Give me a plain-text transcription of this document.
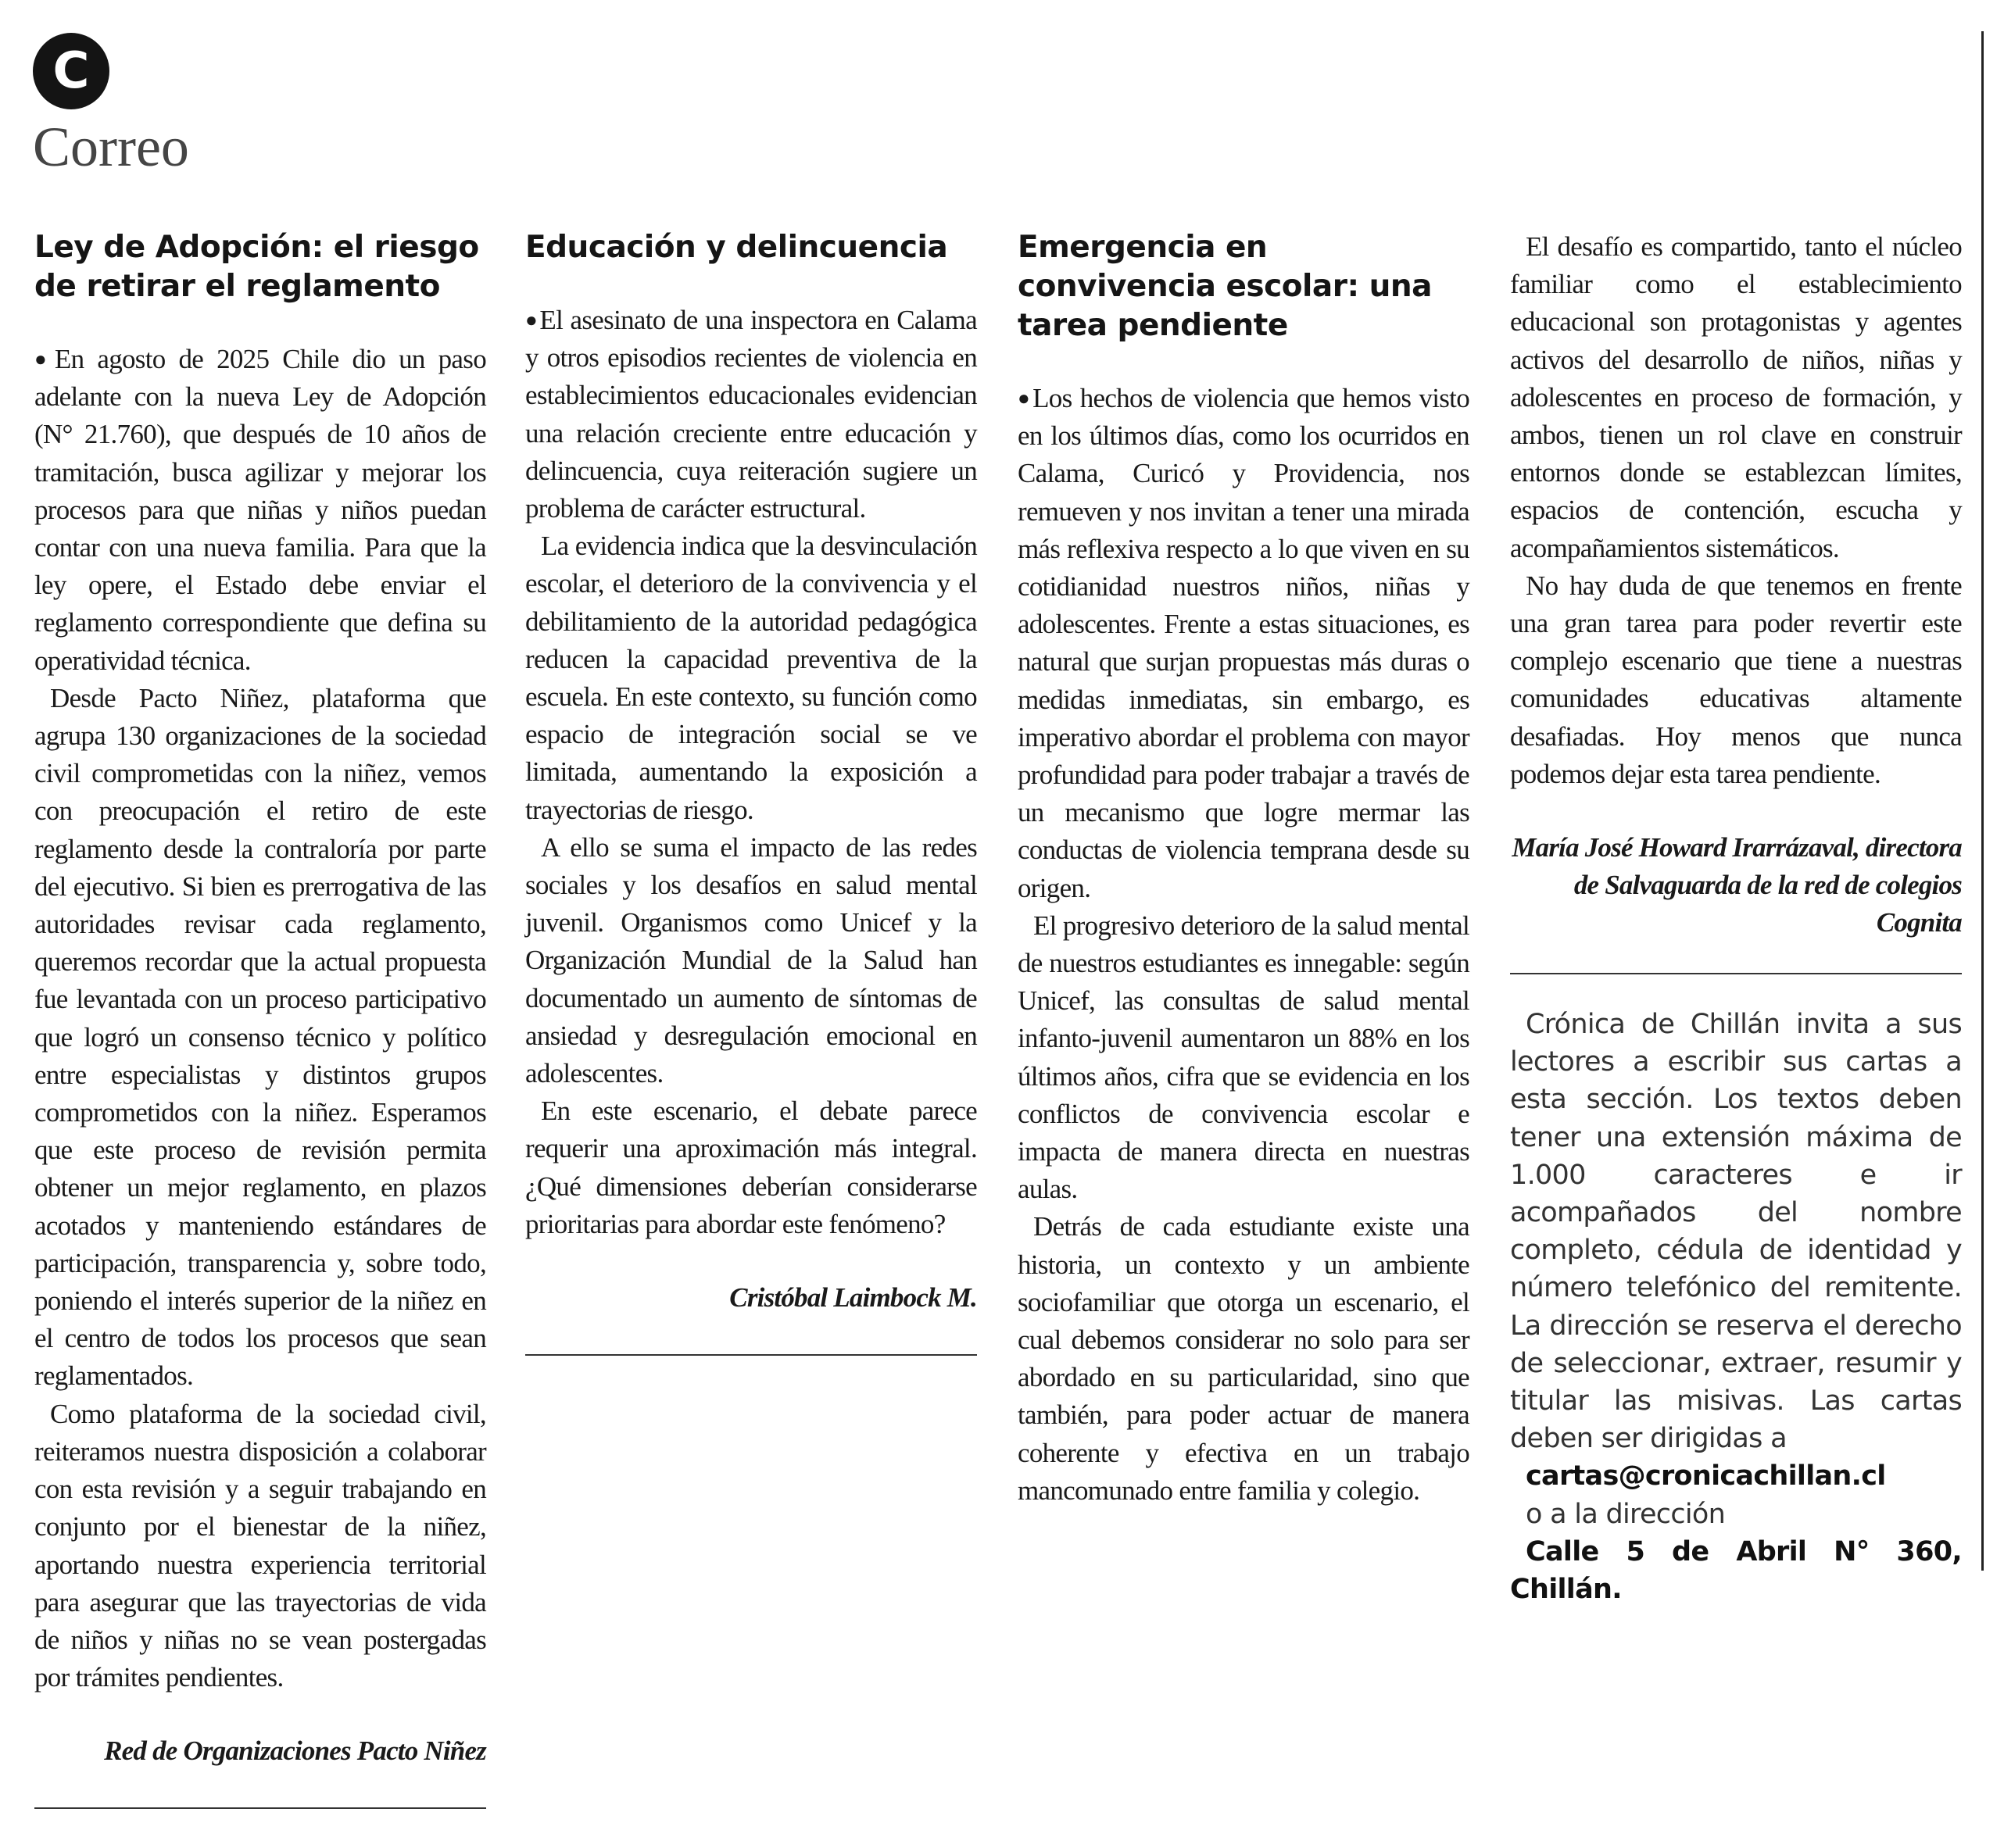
C
Correo
Ley de Adopción: el riesgo de retirar el reglamento

●En agosto de 2025 Chile dio un paso adelante con la nueva Ley de Adopción (N° 21.760), que después de 10 años de tramitación, busca agilizar y mejorar los procesos para que niñas y niños puedan contar con una nueva familia. Para que la ley opere, el Estado debe enviar el reglamento correspondiente que defina su operatividad técnica.

Desde Pacto Niñez, plataforma que agrupa 130 organizaciones de la sociedad civil comprometidas con la niñez, vemos con preocupación el retiro de este reglamento desde la contraloría por parte del ejecutivo. Si bien es prerrogativa de las autoridades revisar cada reglamento, queremos recordar que la actual propuesta fue levantada con un proceso participativo que logró un consenso técnico y político entre especialistas y distintos grupos comprometidos con la niñez. Esperamos que este proceso de revisión permita obtener un mejor reglamento, en plazos acotados y manteniendo estándares de participación, transparencia y, sobre todo, poniendo el interés superior de la niñez en el centro de todos los procesos que sean reglamentados.

Como plataforma de la sociedad civil, reiteramos nuestra disposición a colaborar con esta revisión y a seguir trabajando en conjunto por el bienestar de la niñez, aportando nuestra experiencia territorial para asegurar que las trayectorias de vida de niños y niñas no se vean postergadas por trámites pendientes.

Red de Organizaciones Pacto Niñez
Educación y delincuencia

●El asesinato de una inspectora en Calama y otros episodios recientes de violencia en establecimientos educacionales evidencian una relación creciente entre educación y delincuencia, cuya reiteración sugiere un problema de carácter estructural.

La evidencia indica que la desvinculación escolar, el deterioro de la convivencia y el debilitamiento de la autoridad pedagógica reducen la capacidad preventiva de la escuela. En este contexto, su función como espacio de integración social se ve limitada, aumentando la exposición a trayectorias de riesgo.

A ello se suma el impacto de las redes sociales y los desafíos en salud mental juvenil. Organismos como Unicef y la Organización Mundial de la Salud han documentado un aumento de síntomas de ansiedad y desregulación emocional en adolescentes.

En este escenario, el debate parece requerir una aproximación más integral. ¿Qué dimensiones deberían considerarse prioritarias para abordar este fenómeno?

Cristóbal Laimbock M.
Emergencia en convivencia escolar: una tarea pendiente

●Los hechos de violencia que hemos visto en los últimos días, como los ocurridos en Calama, Curicó y Providencia, nos remueven y nos invitan a tener una mirada más reflexiva respecto a lo que viven en su cotidianidad nuestros niños, niñas y adolescentes. Frente a estas situaciones, es natural que surjan propuestas más duras o medidas inmediatas, sin embargo, es imperativo abordar el problema con mayor profundidad para poder trabajar a través de un mecanismo que logre mermar las conductas de violencia temprana desde su origen.

El progresivo deterioro de la salud mental de nuestros estudiantes es innegable: según Unicef, las consultas de salud mental infanto-juvenil aumentaron un 88% en los últimos años, cifra que se evidencia en los conflictos de convivencia escolar e impacta de manera directa en nuestras aulas.

Detrás de cada estudiante existe una historia, un contexto y un ambiente sociofamiliar que otorga un escenario, el cual debemos considerar no solo para ser abordado en su particularidad, sino que también, para poder actuar de manera coherente y efectiva en un trabajo mancomunado entre familia y colegio.

El desafío es compartido, tanto el núcleo familiar como el establecimiento educacional son protagonistas y agentes activos del desarrollo de niños, niñas y adolescentes en proceso de formación, y ambos, tienen un rol clave en construir entornos donde se establezcan límites, espacios de contención, escucha y acompañamientos sistemáticos.

No hay duda de que tenemos en frente una gran tarea para poder revertir este complejo escenario que tiene a nuestras comunidades educativas altamente desafiadas. Hoy menos que nunca podemos dejar esta tarea pendiente.

María José Howard Irarrázaval, directora de Salvaguarda de la red de colegios Cognita

Crónica de Chillán invita a sus lectores a escribir sus cartas a esta sección. Los textos deben tener una extensión máxima de 1.000 caracteres e ir acompañados del nombre completo, cédula de identidad y número telefónico del remitente. La dirección se reserva el derecho de seleccionar, extraer, resumir y titular las misivas. Las cartas deben ser dirigidas a

cartas@cronicachillan.cl

o a la dirección

Calle 5 de Abril N° 360, Chillán.
